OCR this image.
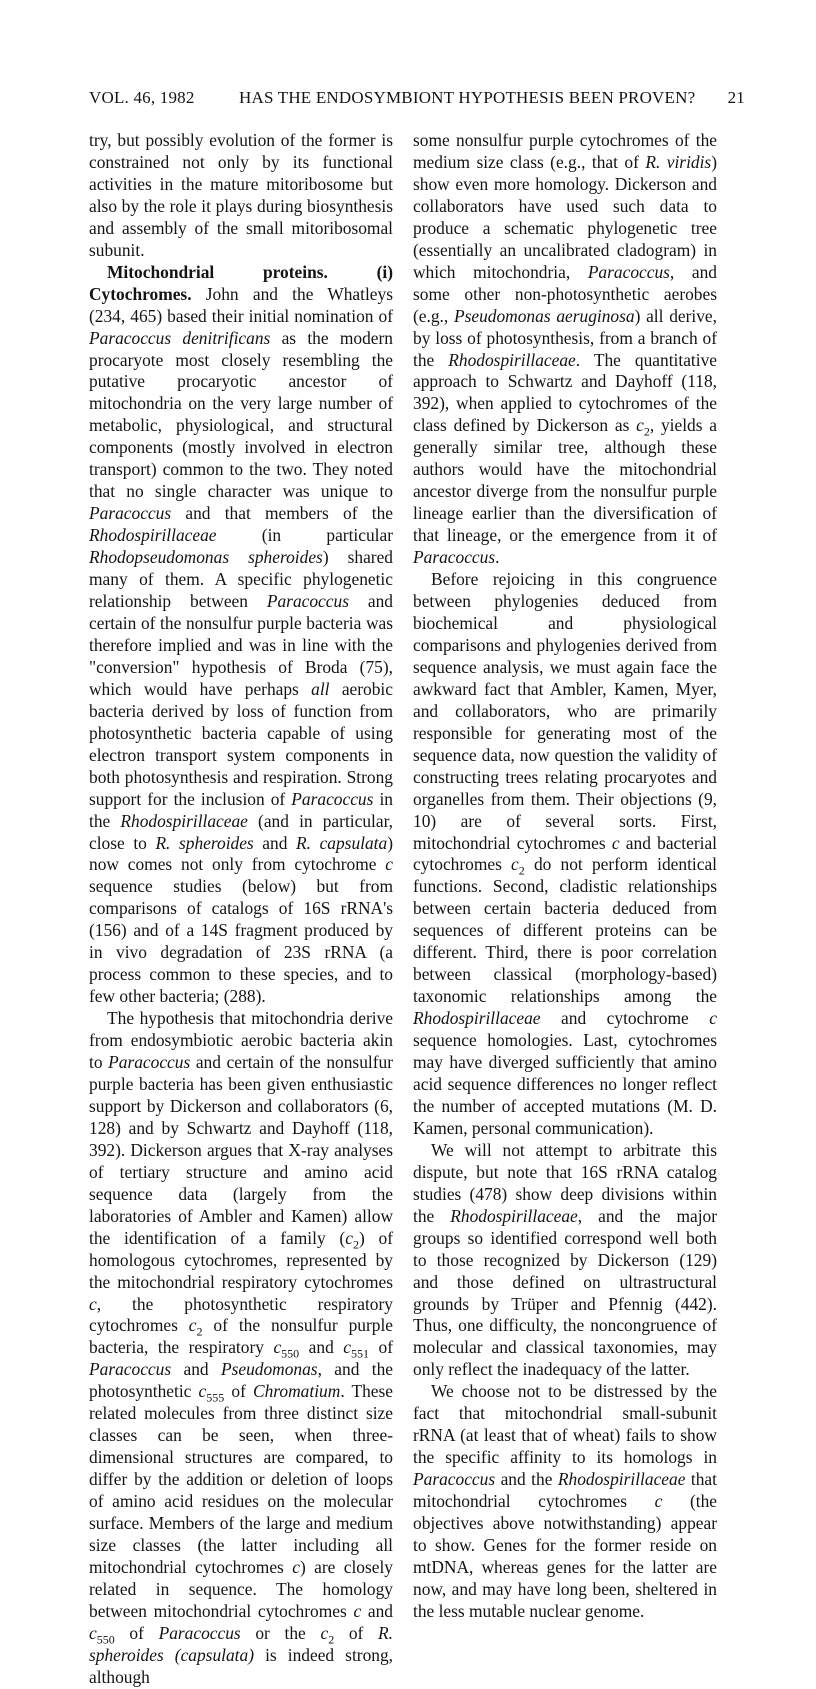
VOL. 46, 1982	HAS THE ENDOSYMBIONT HYPOTHESIS BEEN PROVEN? 21

try, but possibly evolution of the former is constrained not only by its functional activities in the mature mitoribosome but also by the role it plays during biosynthesis and assembly of the small mitoribosomal subunit.

Mitochondrial proteins. (i) Cytochromes. John and the Whatleys (234, 465) based their initial nomination of Paracoccus denitrificans as the modern procaryote most closely resembling the putative procaryotic ancestor of mitochondria on the very large number of metabolic, physiological, and structural components (mostly involved in electron transport) common to the two. They noted that no single character was unique to Paracoccus and that members of the Rhodospirillaceae (in particular Rhodopseudomonas spheroides) shared many of them. A specific phylogenetic relationship between Paracoccus and certain of the nonsulfur purple bacteria was therefore implied and was in line with the "conversion" hypothesis of Broda (75), which would have perhaps all aerobic bacteria derived by loss of function from photosynthetic bacteria capable of using electron transport system components in both photosynthesis and respiration. Strong support for the inclusion of Paracoccus in the Rhodospirillaceae (and in particular, close to R. spheroides and R. capsulata) now comes not only from cytochrome c sequence studies (below) but from comparisons of catalogs of 16S rRNA's (156) and of a 14S fragment produced by in vivo degradation of 23S rRNA (a process common to these species, and to few other bacteria; (288).

The hypothesis that mitochondria derive from endosymbiotic aerobic bacteria akin to Paracoccus and certain of the nonsulfur purple bacteria has been given enthusiastic support by Dickerson and collaborators (6, 128) and by Schwartz and Dayhoff (118, 392). Dickerson argues that X-ray analyses of tertiary structure and amino acid sequence data (largely from the laboratories of Ambler and Kamen) allow the identification of a family $(c_2)$ of homologous cytochromes, represented by the mitochondrial respiratory cytochromes c, the photosynthetic respiratory cytochromes $c_2$ of the nonsulfur purple bacteria, the respiratory $c_{550}$ and $c_{551}$ of Paracoccus and Pseudomonas, and the photosynthetic $c_{555}$ of Chromatium. These related molecules from three distinct size classes can be seen, when three-dimensional structures are compared, to differ by the addition or deletion of loops of amino acid residues on the molecular surface. Members of the large and medium size classes (the latter including all mitochondrial cytochromes c) are closely related in sequence. The homology between mitochondrial cytochromes c and $c_{550}$ of Paracoccus or the $c_2$ of R. spheroides (capsulata) is indeed strong, although

some nonsulfur purple cytochromes of the medium size class (e.g., that of R. viridis) show even more homology. Dickerson and collaborators have used such data to produce a schematic phylogenetic tree (essentially an uncalibrated cladogram) in which mitochondria, Paracoccus, and some other non-photosynthetic aerobes (e.g., Pseudomonas aeruginosa) all derive, by loss of photosynthesis, from a branch of the Rhodospirillaceae. The quantitative approach to Schwartz and Dayhoff (118, 392), when applied to cytochromes of the class defined by Dickerson as $c_2$, yields a generally similar tree, although these authors would have the mitochondrial ancestor diverge from the nonsulfur purple lineage earlier than the diversification of that lineage, or the emergence from it of Paracoccus.

Before rejoicing in this congruence between phylogenies deduced from biochemical and physiological comparisons and phylogenies derived from sequence analysis, we must again face the awkward fact that Ambler, Kamen, Myer, and collaborators, who are primarily responsible for generating most of the sequence data, now question the validity of constructing trees relating procaryotes and organelles from them. Their objections (9, 10) are of several sorts. First, mitochondrial cytochromes c and bacterial cytochromes $c_2$ do not perform identical functions. Second, cladistic relationships between certain bacteria deduced from sequences of different proteins can be different. Third, there is poor correlation between classical (morphology-based) taxonomic relationships among the Rhodospirillaceae and cytochrome c sequence homologies. Last, cytochromes may have diverged sufficiently that amino acid sequence differences no longer reflect the number of accepted mutations (M. D. Kamen, personal communication).

We will not attempt to arbitrate this dispute, but note that 16S rRNA catalog studies (478) show deep divisions within the Rhodospirillaceae, and the major groups so identified correspond well both to those recognized by Dickerson (129) and those defined on ultrastructural grounds by Trüper and Pfennig (442). Thus, one difficulty, the noncongruence of molecular and classical taxonomies, may only reflect the inadequacy of the latter.

We choose not to be distressed by the fact that mitochondrial small-subunit rRNA (at least that of wheat) fails to show the specific affinity to its homologs in Paracoccus and the Rhodospirillaceae that mitochondrial cytochromes c (the objectives above notwithstanding) appear to show. Genes for the former reside on mtDNA, whereas genes for the latter are now, and may have long been, sheltered in the less mutable nuclear genome.
